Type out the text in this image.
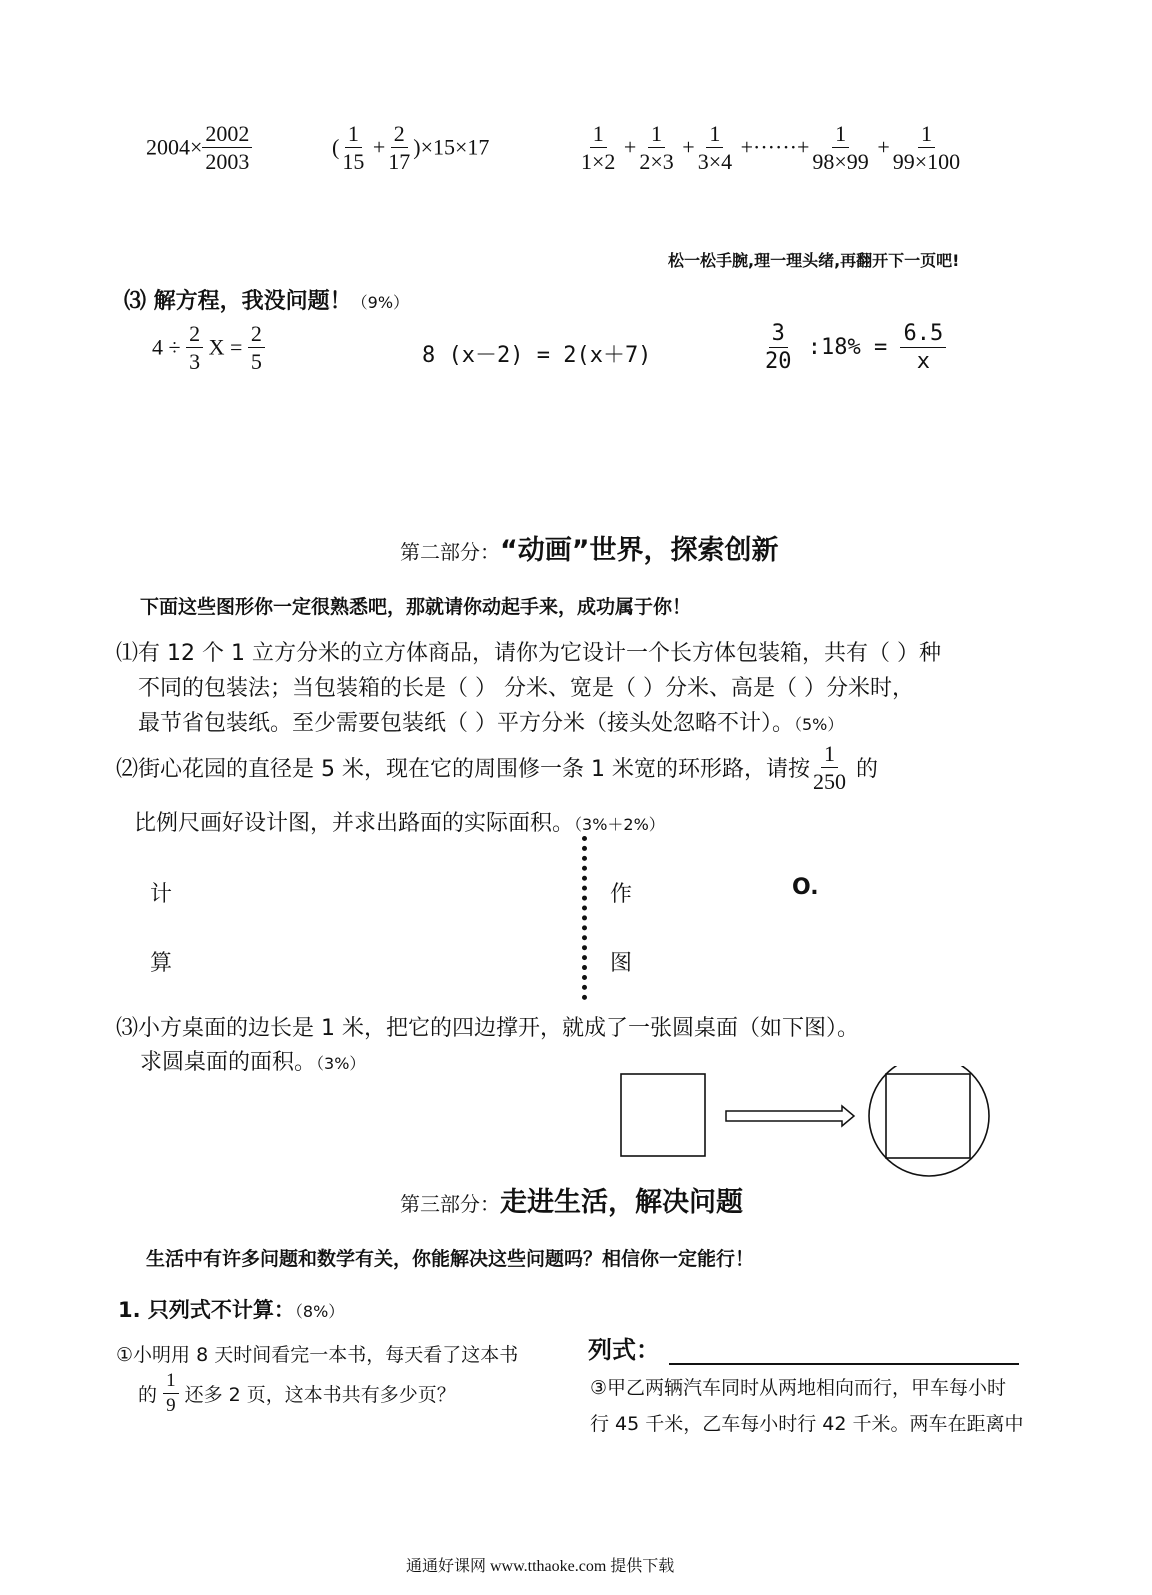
$2004\times \frac{2002}{2003}$	( $\frac{1}{15} + \frac{2}{17} )\times 15\times 17$	$\frac{1}{1\times 2} + \frac{1}{2\times 3} + \frac{1}{3\times 4}$ +······+ $\frac{1}{98\times 99} + \frac{1}{99\times 100}$
松一松手腕,理一理头绪,再翻开下一页吧!
⑶ 解方程，我没问题！（9%）
$4 \div \frac{2}{3}$ $X = \frac{2}{5}$	8 (x－2) = 2(x＋7)	$\frac{3}{20}$ :18% = $\frac{6.5}{x}$
第二部分：“动画”世界，探索创新
下面这些图形你一定很熟悉吧，那就请你动起手来，成功属于你！
⑴有 12 个 1 立方分米的立方体商品，请你为它设计一个长方体包装箱，共有（ ）种
不同的包装法；当包装箱的长是（ ） 分米、宽是（ ）分米、高是（ ）分米时，
最节省包装纸。至少需要包装纸（ ）平方分米（接头处忽略不计）。（5%）
⑵街心花园的直径是 5 米，现在它的周围修一条 1 米宽的环形路，请按 $\frac{1}{250}$ 的
比例尺画好设计图，并求出路面的实际面积。（3%＋2%）
计
算
作
图
O.
⑶小方桌面的边长是 1 米，把它的四边撑开，就成了一张圆桌面（如下图）。
求圆桌面的面积。（3%）
第三部分：走进生活，解决问题
生活中有许多问题和数学有关，你能解决这些问题吗？相信你一定能行！
1. 只列式不计算：（8%）
①小明用 8 天时间看完一本书，每天看了这本书
的 $\frac{1}{9}$ 还多 2 页，这本书共有多少页？
列式：
③甲乙两辆汽车同时从两地相向而行，甲车每小时
行 45 千米，乙车每小时行 42 千米。两车在距离中
通通好课网 www.tthaoke.com 提供下载
